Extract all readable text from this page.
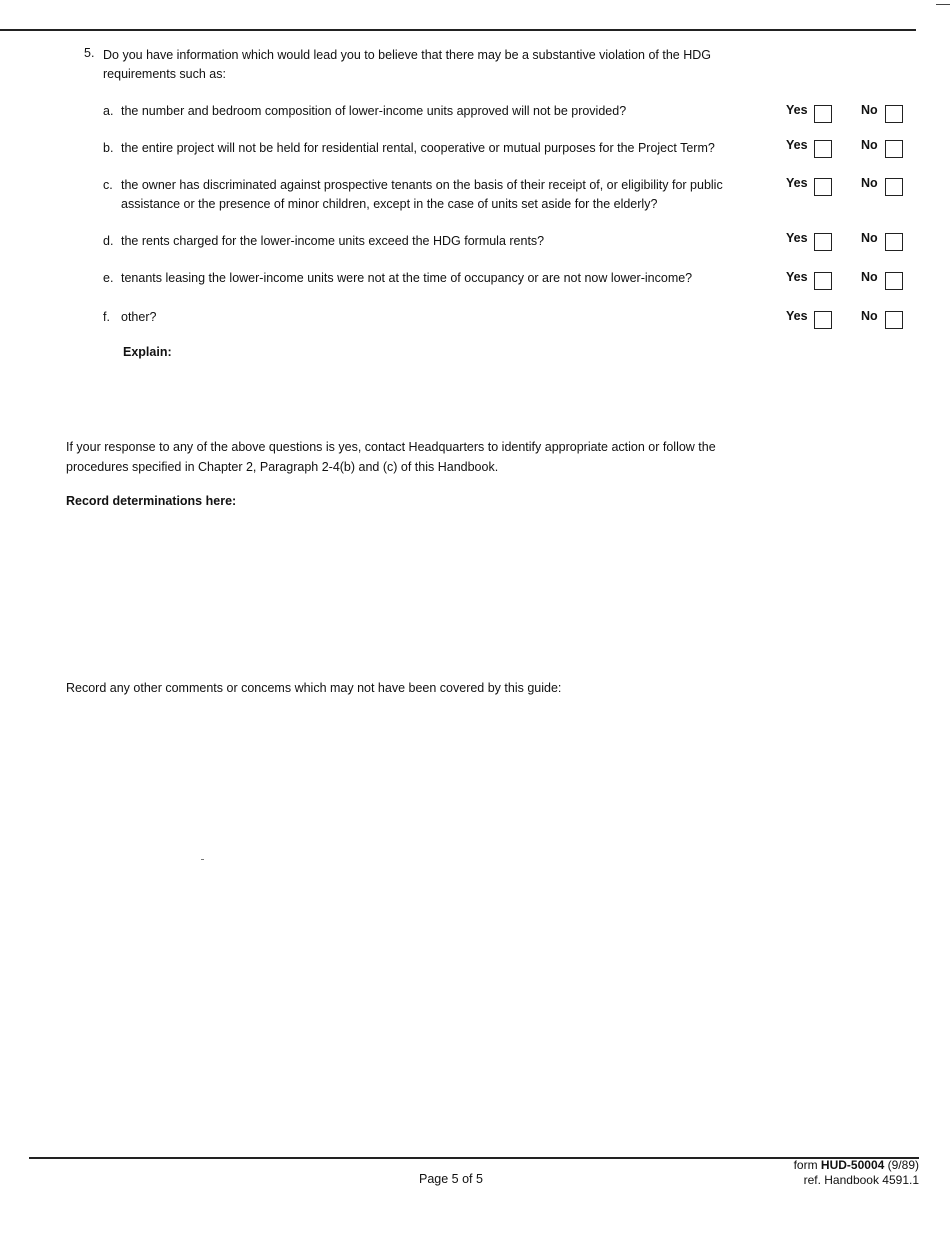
5. Do you have information which would lead you to believe that there may be a substantive violation of the HDG requirements such as:
a. the number and bedroom composition of lower-income units approved will not be provided?	Yes	No
b. the entire project will not be held for residential rental, cooperative or mutual purposes for the Project Term?	Yes	No
c. the owner has discriminated against prospective tenants on the basis of their receipt of, or eligibility for public
assistance or the presence of minor children, except in the case of units set aside for the elderly?
Yes	No
d. the rents charged for the lower-income units exceed the HDG formula rents?	Yes	No
e. tenants leasing the lower-income units were not at the time of occupancy or are not now lower-income?	Yes	No
f. other?	Yes	No
Explain:
If your response to any of the above questions is yes, contact Headquarters to identify appropriate action or follow the procedures specified in Chapter 2, Paragraph 2-4(b) and (c) of this Handbook.
Record determinations here:
Record any other comments or concems which may not have been covered by this guide:
Page 5 of 5
form HUD-50004 (9/89)
ref. Handbook 4591.1
